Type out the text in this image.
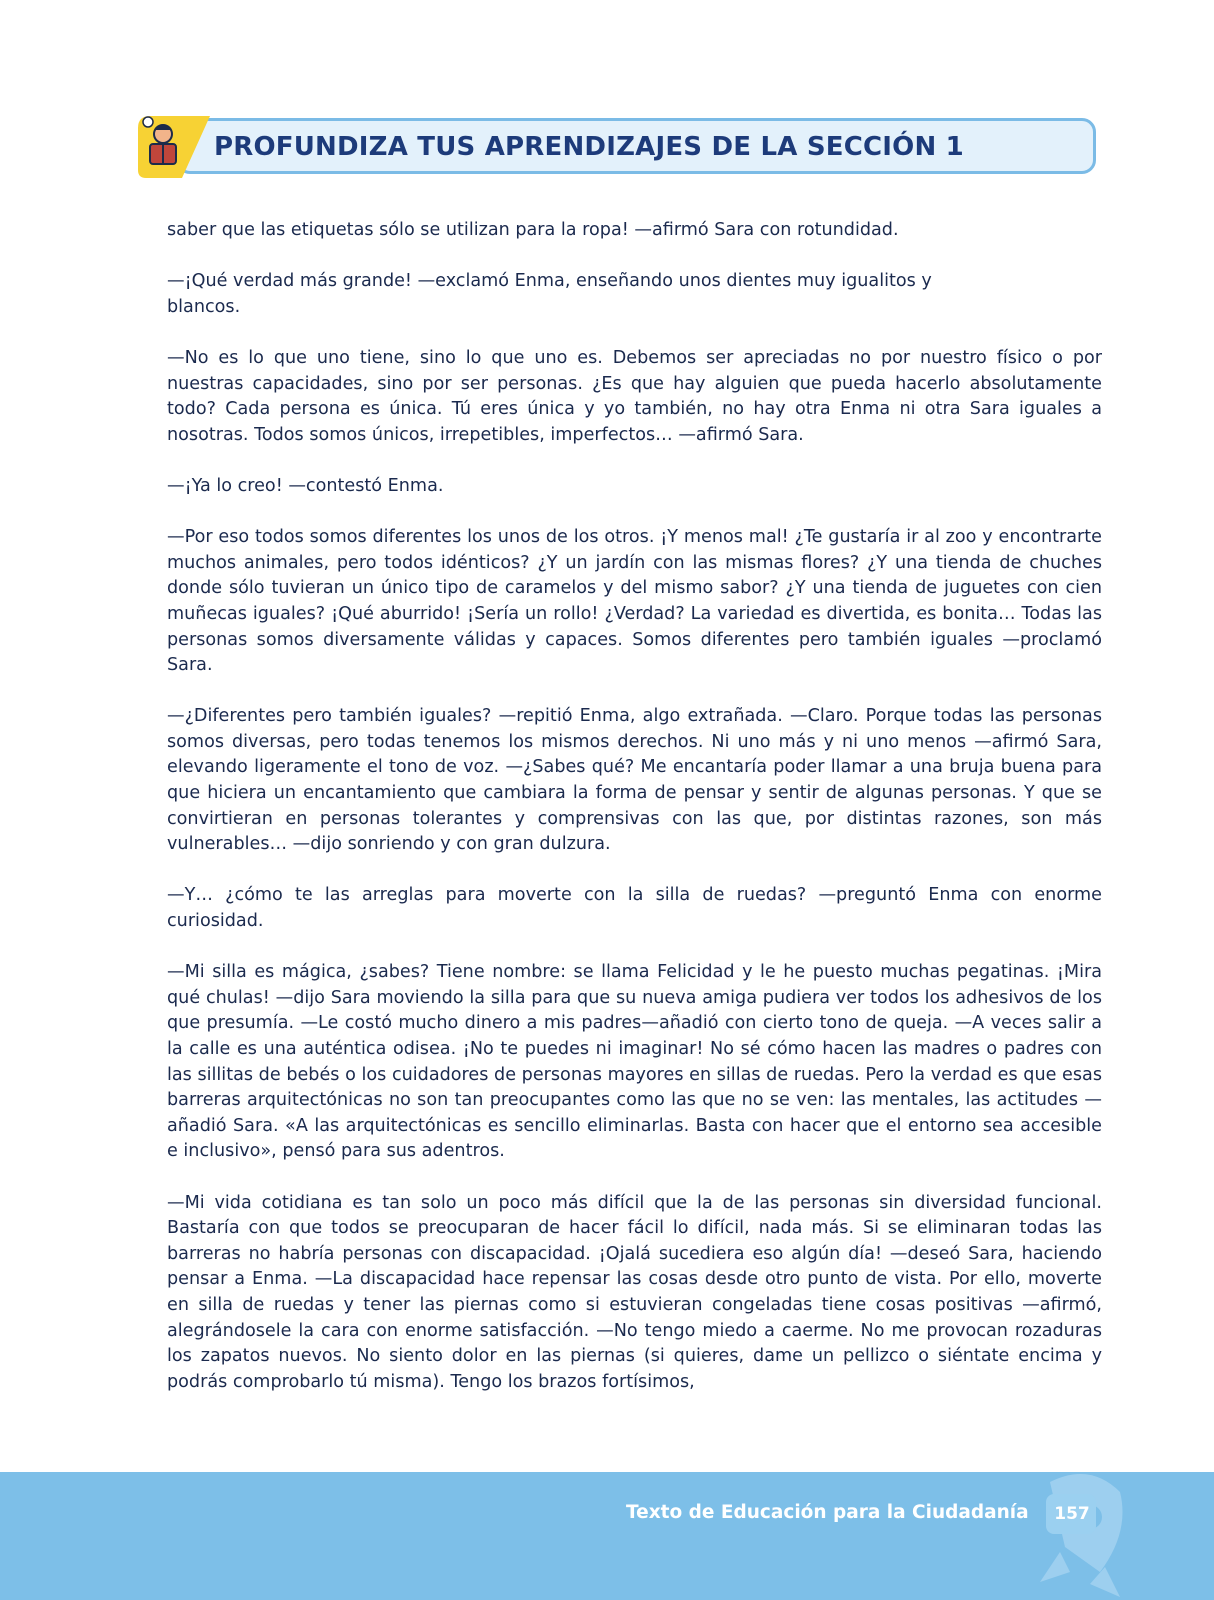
PROFUNDIZA TUS APRENDIZAJES DE LA SECCIÓN 1

saber que las etiquetas sólo se utilizan para la ropa! —afirmó Sara con rotundidad.

—¡Qué verdad más grande! —exclamó Enma, enseñando unos dientes muy igualitos y blancos.

—No es lo que uno tiene, sino lo que uno es. Debemos ser apreciadas no por nuestro físico o por nuestras capacidades, sino por ser personas. ¿Es que hay alguien que pueda hacerlo absolutamente todo? Cada persona es única. Tú eres única y yo también, no hay otra Enma ni otra Sara iguales a nosotras. Todos somos únicos, irrepetibles, imperfectos… —afirmó Sara.

—¡Ya lo creo! —contestó Enma.

—Por eso todos somos diferentes los unos de los otros. ¡Y menos mal! ¿Te gustaría ir al zoo y encontrarte muchos animales, pero todos idénticos? ¿Y un jardín con las mismas flores? ¿Y una tienda de chuches donde sólo tuvieran un único tipo de caramelos y del mismo sabor? ¿Y una tienda de juguetes con cien muñecas iguales? ¡Qué aburrido! ¡Sería un rollo! ¿Verdad? La variedad es divertida, es bonita… Todas las personas somos diversamente válidas y capaces. Somos diferentes pero también iguales —proclamó Sara.

—¿Diferentes pero también iguales? —repitió Enma, algo extrañada. —Claro. Porque todas las personas somos diversas, pero todas tenemos los mismos derechos. Ni uno más y ni uno menos —afirmó Sara, elevando ligeramente el tono de voz. —¿Sabes qué? Me encantaría poder llamar a una bruja buena para que hiciera un encantamiento que cambiara la forma de pensar y sentir de algunas personas. Y que se convirtieran en personas tolerantes y comprensivas con las que, por distintas razones, son más vulnerables… —dijo sonriendo y con gran dulzura.

—Y… ¿cómo te las arreglas para moverte con la silla de ruedas? —preguntó Enma con enorme curiosidad.

—Mi silla es mágica, ¿sabes? Tiene nombre: se llama Felicidad y le he puesto muchas pegatinas. ¡Mira qué chulas! —dijo Sara moviendo la silla para que su nueva amiga pudiera ver todos los adhesivos de los que presumía. —Le costó mucho dinero a mis padres—añadió con cierto tono de queja. —A veces salir a la calle es una auténtica odisea. ¡No te puedes ni imaginar! No sé cómo hacen las madres o padres con las sillitas de bebés o los cuidadores de personas mayores en sillas de ruedas. Pero la verdad es que esas barreras arquitectónicas no son tan preocupantes como las que no se ven: las mentales, las actitudes —añadió Sara. «A las arquitectónicas es sencillo eliminarlas. Basta con hacer que el entorno sea accesible e inclusivo», pensó para sus adentros.

—Mi vida cotidiana es tan solo un poco más difícil que la de las personas sin diversidad funcional. Bastaría con que todos se preocuparan de hacer fácil lo difícil, nada más. Si se eliminaran todas las barreras no habría personas con discapacidad. ¡Ojalá sucediera eso algún día! —deseó Sara, haciendo pensar a Enma. —La discapacidad hace repensar las cosas desde otro punto de vista. Por ello, moverte en silla de ruedas y tener las piernas como si estuvieran congeladas tiene cosas positivas —afirmó, alegrándosele la cara con enorme satisfacción. —No tengo miedo a caerme. No me provocan rozaduras los zapatos nuevos. No siento dolor en las piernas (si quieres, dame un pellizco o siéntate encima y podrás comprobarlo tú misma). Tengo los brazos fortísimos,

Texto de Educación para la Ciudadanía 157
